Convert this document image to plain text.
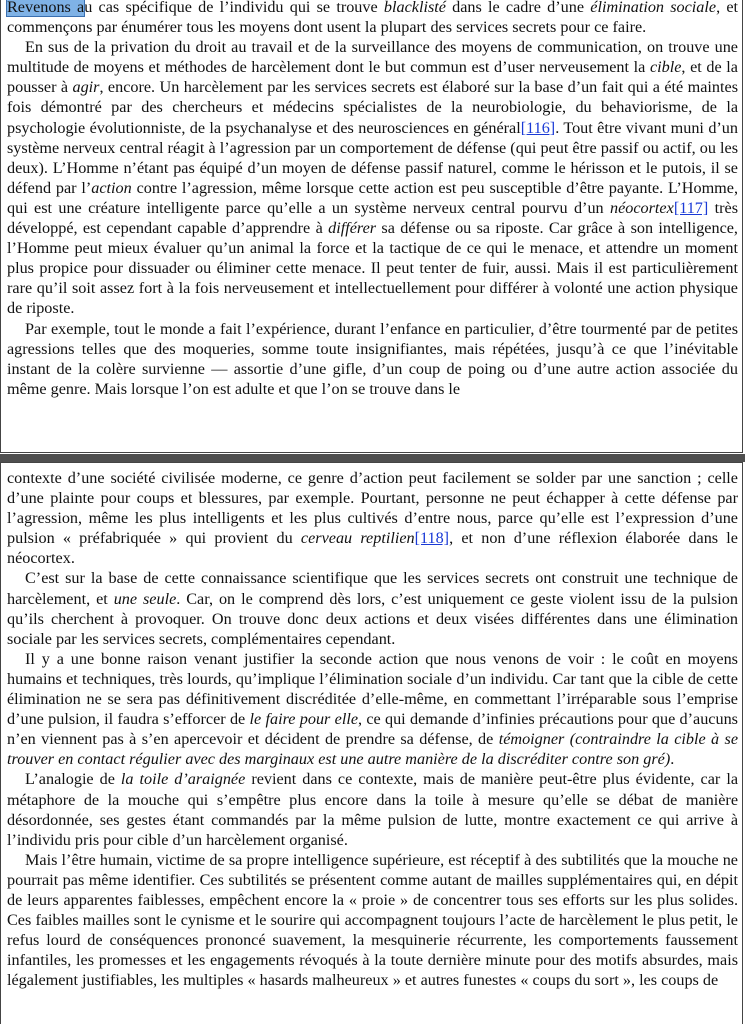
Revenons au cas spécifique de l’individu qui se trouve blacklisté dans le cadre d’une élimination sociale, et commençons par énumérer tous les moyens dont usent la plupart des services secrets pour ce faire.

En sus de la privation du droit au travail et de la surveillance des moyens de communication, on trouve une multitude de moyens et méthodes de harcèlement dont le but commun est d’user nerveusement la cible, et de la pousser à agir, encore. Un harcèlement par les services secrets est élaboré sur la base d’un fait qui a été maintes fois démontré par des chercheurs et médecins spécialistes de la neurobiologie, du behaviorisme, de la psychologie évolutionniste, de la psychanalyse et des neurosciences en général[116]. Tout être vivant muni d’un système nerveux central réagit à l’agression par un comportement de défense (qui peut être passif ou actif, ou les deux). L’Homme n’étant pas équipé d’un moyen de défense passif naturel, comme le hérisson et le putois, il se défend par l’action contre l’agression, même lorsque cette action est peu susceptible d’être payante. L’Homme, qui est une créature intelligente parce qu’elle a un système nerveux central pourvu d’un néocortex[117] très développé, est cependant capable d’apprendre à différer sa défense ou sa riposte. Car grâce à son intelligence, l’Homme peut mieux évaluer qu’un animal la force et la tactique de ce qui le menace, et attendre un moment plus propice pour dissuader ou éliminer cette menace. Il peut tenter de fuir, aussi. Mais il est particulièrement rare qu’il soit assez fort à la fois nerveusement et intellectuellement pour différer à volonté une action physique de riposte.

Par exemple, tout le monde a fait l’expérience, durant l’enfance en particulier, d’être tourmenté par de petites agressions telles que des moqueries, somme toute insignifiantes, mais répétées, jusqu’à ce que l’inévitable instant de la colère survienne — assortie d’une gifle, d’un coup de poing ou d’une autre action associée du même genre. Mais lorsque l’on est adulte et que l’on se trouve dans le

contexte d’une société civilisée moderne, ce genre d’action peut facilement se solder par une sanction ; celle d’une plainte pour coups et blessures, par exemple. Pourtant, personne ne peut échapper à cette défense par l’agression, même les plus intelligents et les plus cultivés d’entre nous, parce qu’elle est l’expression d’une pulsion « préfabriquée » qui provient du cerveau reptilien[118], et non d’une réflexion élaborée dans le néocortex.

C’est sur la base de cette connaissance scientifique que les services secrets ont construit une technique de harcèlement, et une seule. Car, on le comprend dès lors, c’est uniquement ce geste violent issu de la pulsion qu’ils cherchent à provoquer. On trouve donc deux actions et deux visées différentes dans une élimination sociale par les services secrets, complémentaires cependant.

Il y a une bonne raison venant justifier la seconde action que nous venons de voir : le coût en moyens humains et techniques, très lourds, qu’implique l’élimination sociale d’un individu. Car tant que la cible de cette élimination ne se sera pas définitivement discréditée d’elle-même, en commettant l’irréparable sous l’emprise d’une pulsion, il faudra s’efforcer de le faire pour elle, ce qui demande d’infinies précautions pour que d’aucuns n’en viennent pas à s’en apercevoir et décident de prendre sa défense, de témoigner (contraindre la cible à se trouver en contact régulier avec des marginaux est une autre manière de la discréditer contre son gré).

L’analogie de la toile d’araignée revient dans ce contexte, mais de manière peut-être plus évidente, car la métaphore de la mouche qui s’empêtre plus encore dans la toile à mesure qu’elle se débat de manière désordonnée, ses gestes étant commandés par la même pulsion de lutte, montre exactement ce qui arrive à l’individu pris pour cible d’un harcèlement organisé.

Mais l’être humain, victime de sa propre intelligence supérieure, est réceptif à des subtilités que la mouche ne pourrait pas même identifier. Ces subtilités se présentent comme autant de mailles supplémentaires qui, en dépit de leurs apparentes faiblesses, empêchent encore la « proie » de concentrer tous ses efforts sur les plus solides. Ces faibles mailles sont le cynisme et le sourire qui accompagnent toujours l’acte de harcèlement le plus petit, le refus lourd de conséquences prononcé suavement, la mesquinerie récurrente, les comportements faussement infantiles, les promesses et les engagements révoqués à la toute dernière minute pour des motifs absurdes, mais légalement justifiables, les multiples « hasards malheureux » et autres funestes « coups du sort », les coups de
